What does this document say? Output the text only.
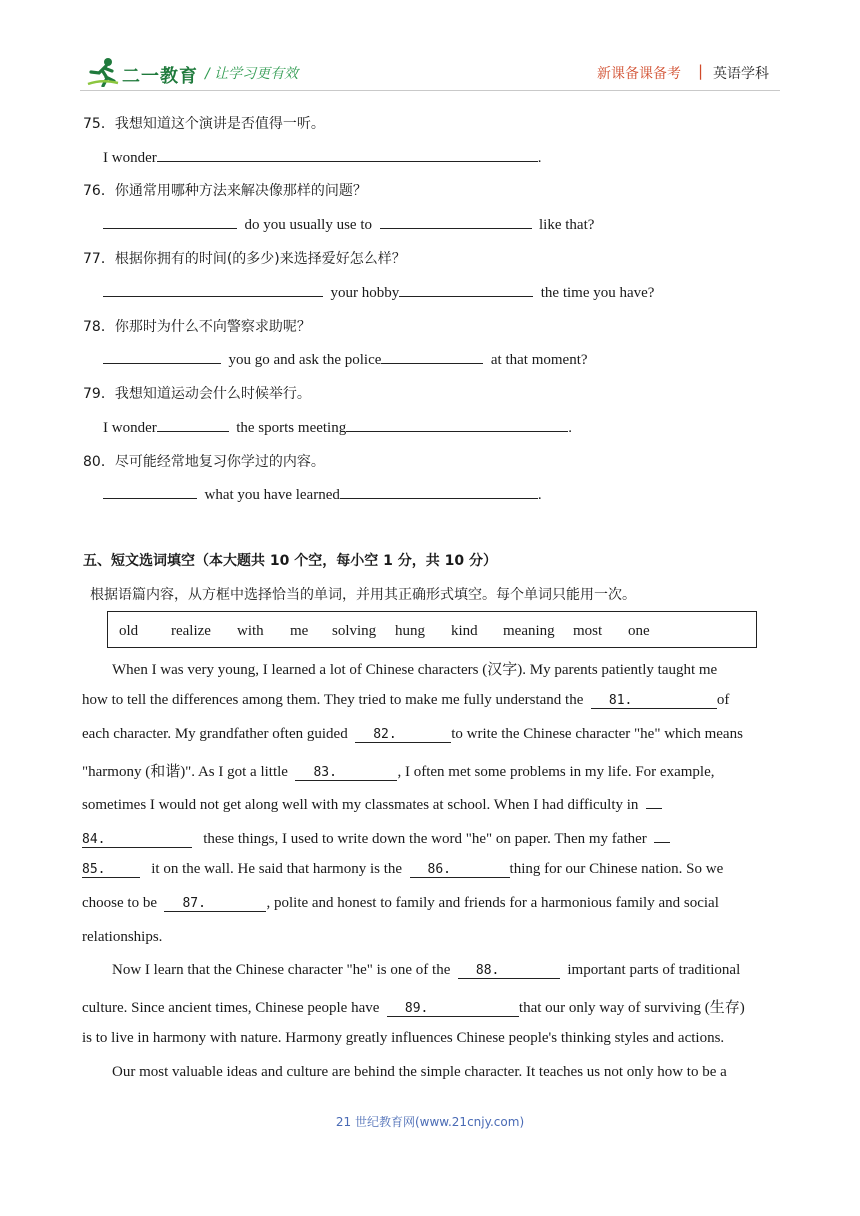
二一教育 / 让学习更有效	新课备课备考 | 英语学科
75．我想知道这个演讲是否值得一听。
I wonder	.
76．你通常用哪种方法来解决像那样的问题？
do you usually use to	like that?
77．根据你拥有的时间(的多少)来选择爱好怎么样？
your hobby	the time you have?
78．你那时为什么不向警察求助呢？
you go and ask the police	at that moment?
79．我想知道运动会什么时候举行。
I wonder	the sports meeting	.
80．尽可能经常地复习你学过的内容。
what you have learned	.
五、短文选词填空（本大题共 10 个空，每小空 1 分，共 10 分）
根据语篇内容，从方框中选择恰当的单词，并用其正确形式填空。每个单词只能用一次。
old realize with me solving hung kind meaning most one
When I was very young, I learned a lot of Chinese characters (汉字). My parents patiently taught me
how to tell the differences among them. They tried to make me fully understand the 81.	of
each character. My grandfather often guided 82.	to write the Chinese character "he" which means
"harmony (和谐)". As I got a little 83.	, I often met some problems in my life. For example,
sometimes I would not get along well with my classmates at school. When I had difficulty in
84.	these things, I used to write down the word "he" on paper. Then my father
85.	it on the wall. He said that harmony is the 86.	thing for our Chinese nation. So we
choose to be 87.	, polite and honest to family and friends for a harmonious family and social
relationships.
Now I learn that the Chinese character "he" is one of the 88.	important parts of traditional
culture. Since ancient times, Chinese people have 89.	that our only way of surviving (生存)
is to live in harmony with nature. Harmony greatly influences Chinese people's thinking styles and actions.
Our most valuable ideas and culture are behind the simple character. It teaches us not only how to be a
21 世纪教育网(www.21cnjy.com)
